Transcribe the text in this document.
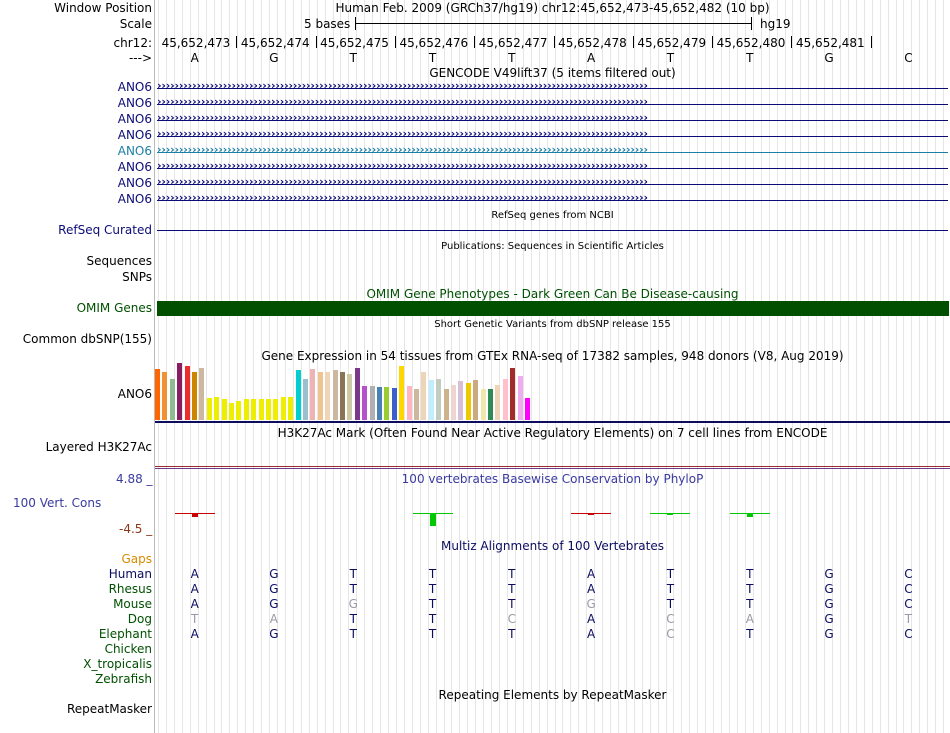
Window Position	Human Feb. 2009 (GRCh37/hg19) chr12:45,652,473-45,652,482 (10 bp)
Scale	5 bases	hg19
chr12: 45,652,473 45,652,474 45,652,475 45,652,476 45,652,477 45,652,478 45,652,479 45,652,480 45,652,481
--->	A	G	T	T	T	A	T	T	G	C
GENCODE V49lift37 (5 items filtered out)
ANO6 ››››››››››››››››››››››››››››››››››››››››››››››››››››››››››››››››››››››››››››››››››››››››››››››››››››››››››››››››
ANO6 ››››››››››››››››››››››››››››››››››››››››››››››››››››››››››››››››››››››››››››››››››››››››››››››››››››››››››››››››
ANO6 ››››››››››››››››››››››››››››››››››››››››››››››››››››››››››››››››››››››››››››››››››››››››››››››››››››››››››››››››
ANO6 ››››››››››››››››››››››››››››››››››››››››››››››››››››››››››››››››››››››››››››››››››››››››››››››››››››››››››››››››
ANO6 ››››››››››››››››››››››››››››››››››››››››››››››››››››››››››››››››››››››››››››››››››››››››››››››››››››››››››››››››
ANO6 ››››››››››››››››››››››››››››››››››››››››››››››››››››››››››››››››››››››››››››››››››››››››››››››››››››››››››››››››
ANO6 ››››››››››››››››››››››››››››››››››››››››››››››››››››››››››››››››››››››››››››››››››››››››››››››››››››››››››››››››
ANO6 ››››››››››››››››››››››››››››››››››››››››››››››››››››››››››››››››››››››››››››››››››››››››››››››››››››››››››››››››
RefSeq genes from NCBI
RefSeq Curated
Publications: Sequences in Scientific Articles
Sequences
SNPs
OMIM Gene Phenotypes - Dark Green Can Be Disease-causing
OMIM Genes
Short Genetic Variants from dbSNP release 155
Common dbSNP(155)
Gene Expression in 54 tissues from GTEx RNA-seq of 17382 samples, 948 donors (V8, Aug 2019)
ANO6
H3K27Ac Mark (Often Found Near Active Regulatory Elements) on 7 cell lines from ENCODE
Layered H3K27Ac
100 vertebrates Basewise Conservation by PhyloP
4.88 _
100 Vert. Cons
-4.5 _
Multiz Alignments of 100 Vertebrates
Gaps
Human	A	G	T	T	T	A	T	T	G	C
Rhesus	A	G	T	T	T	A	T	T	G	C
Mouse	A	G	G	T	T	G	T	T	G	C
Dog	T	A	T	T	C	A	C	A	G	T
Elephant	A	G	T	T	T	A	C	T	G	C
Chicken
X_tropicalis
Zebrafish
Repeating Elements by RepeatMasker
RepeatMasker
